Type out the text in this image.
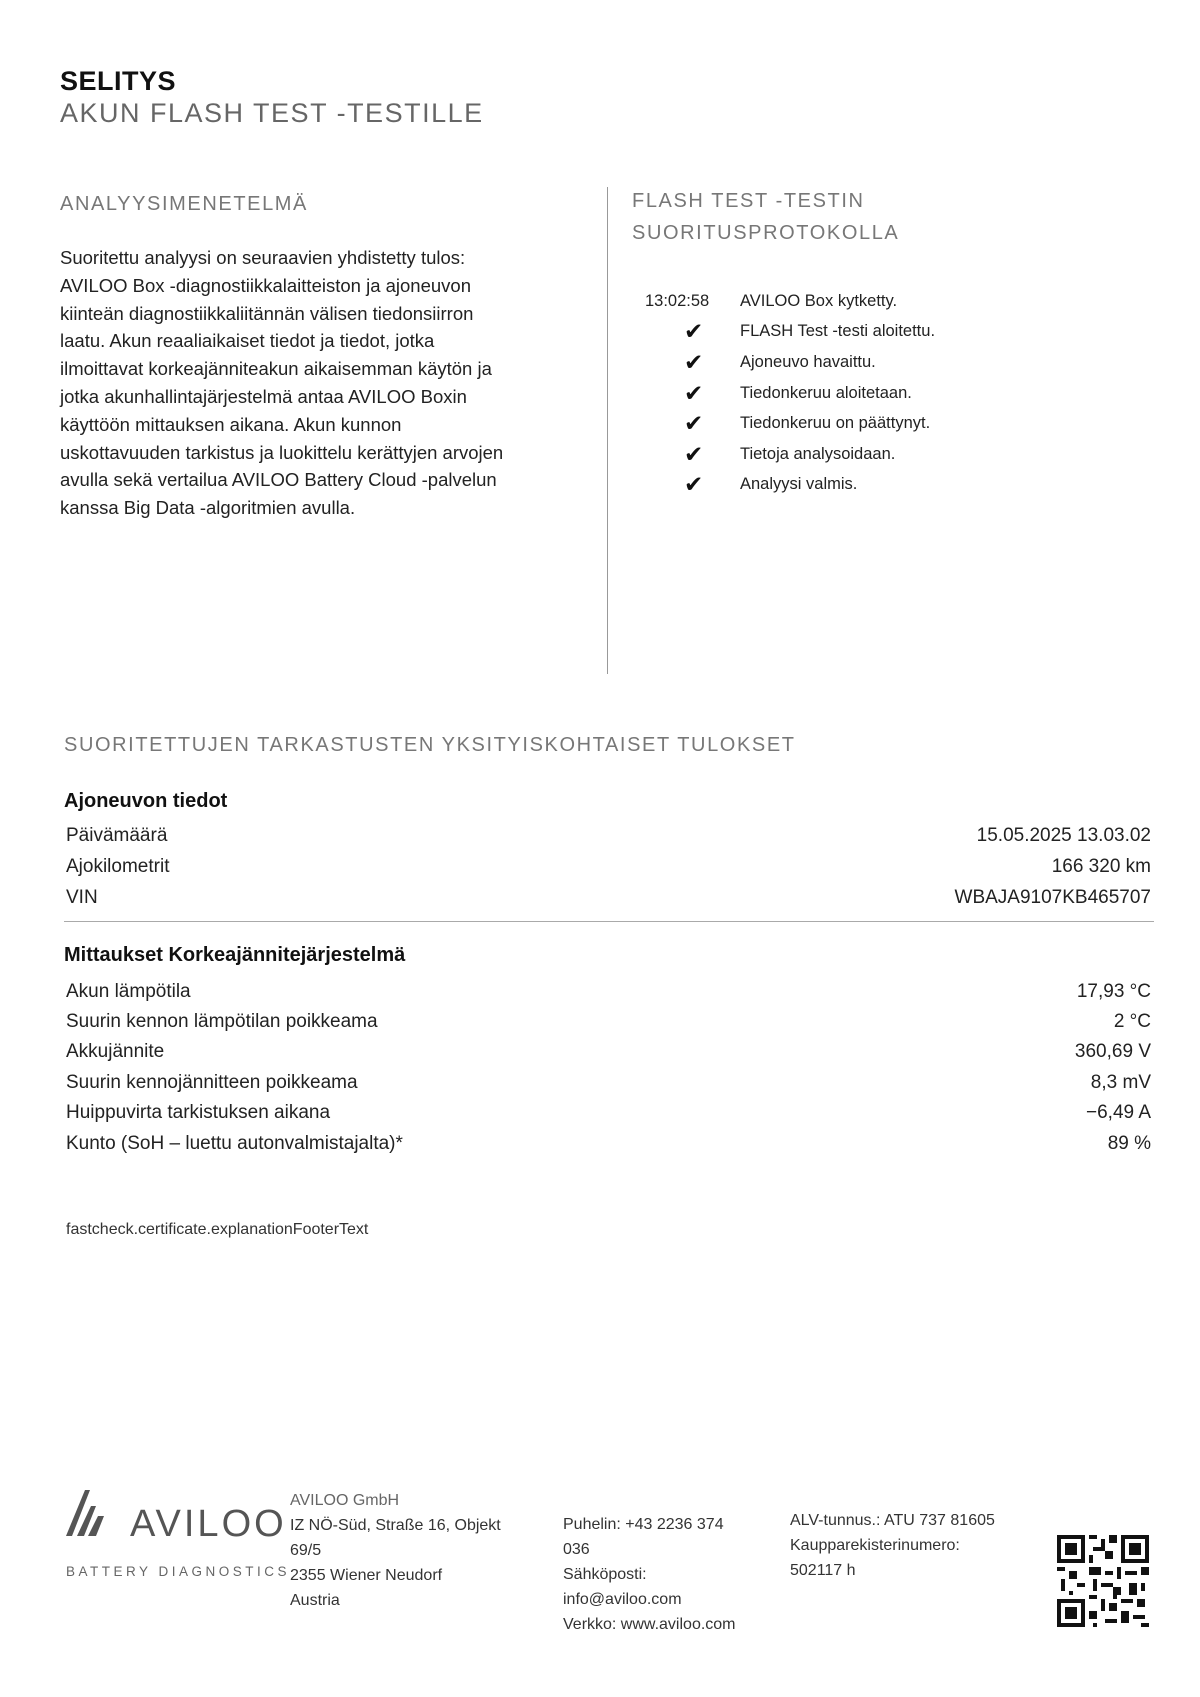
SELITYS
AKUN FLASH TEST -TESTILLE
ANALYYSIMENETELMÄ
Suoritettu analyysi on seuraavien yhdistetty tulos:
AVILOO Box -diagnostiikkalaitteiston ja ajoneuvon
kiinteän diagnostiikkaliitännän välisen tiedonsiirron
laatu. Akun reaaliaikaiset tiedot ja tiedot, jotka
ilmoittavat korkeajänniteakun aikaisemman käytön ja
jotka akunhallintajärjestelmä antaa AVILOO Boxin
käyttöön mittauksen aikana. Akun kunnon
uskottavuuden tarkistus ja luokittelu kerättyjen arvojen
avulla sekä vertailua AVILOO Battery Cloud -palvelun
kanssa Big Data -algoritmien avulla.
FLASH TEST -TESTIN
SUORITUSPROTOKOLLA
13:02:58	AVILOO Box kytketty.
✔ FLASH Test -testi aloitettu.
✔ Ajoneuvo havaittu.
✔ Tiedonkeruu aloitetaan.
✔ Tiedonkeruu on päättynyt.
✔ Tietoja analysoidaan.
✔ Analyysi valmis.
SUORITETTUJEN TARKASTUSTEN YKSITYISKOHTAISET TULOKSET
Ajoneuvon tiedot
Päivämäärä	15.05.2025 13.03.02
Ajokilometrit	166 320 km
VIN	WBAJA9107KB465707
Mittaukset Korkeajännitejärjestelmä
Akun lämpötila	17,93 °C
Suurin kennon lämpötilan poikkeama	2 °C
Akkujännite	360,69 V
Suurin kennojännitteen poikkeama	8,3 mV
Huippuvirta tarkistuksen aikana	−6,49 A
Kunto (SoH – luettu autonvalmistajalta)*	89 %
fastcheck.certificate.explanationFooterText
AVILOO
BATTERY DIAGNOSTICS
AVILOO GmbH
IZ NÖ-Süd, Straße 16, Objekt
69/5
2355 Wiener Neudorf
Austria
Puhelin: +43 2236 374
036
Sähköposti:
info@aviloo.com
Verkko: www.aviloo.com
ALV-tunnus.: ATU 737 81605
Kaupparekisterinumero:
502117 h
